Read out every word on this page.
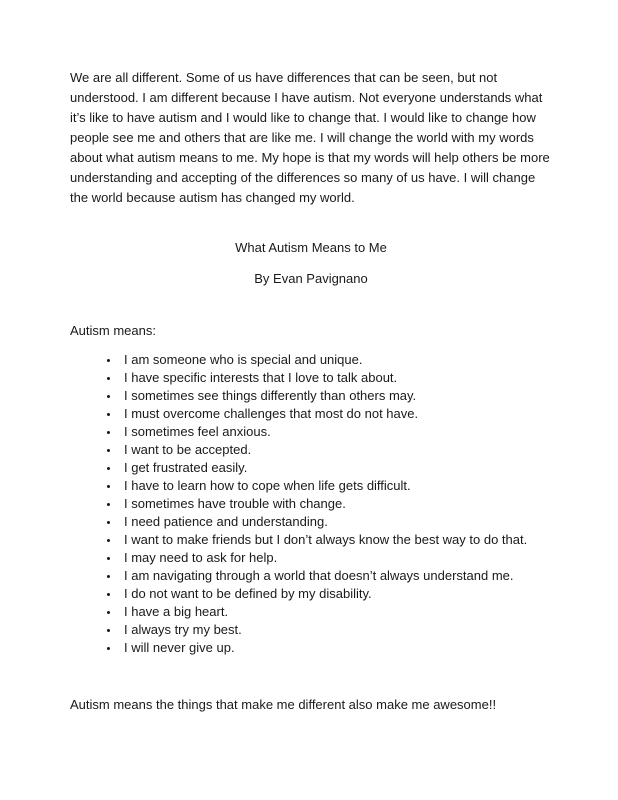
We are all different. Some of us have differences that can be seen, but not understood. I am different because I have autism. Not everyone understands what it’s like to have autism and I would like to change that. I would like to change how people see me and others that are like me. I will change the world with my words about what autism means to me. My hope is that my words will help others be more understanding and accepting of the differences so many of us have. I will change the world because autism has changed my world.

What Autism Means to Me

By Evan Pavignano

Autism means:

• I am someone who is special and unique.
• I have specific interests that I love to talk about.
• I sometimes see things differently than others may.
• I must overcome challenges that most do not have.
• I sometimes feel anxious.
• I want to be accepted.
• I get frustrated easily.
• I have to learn how to cope when life gets difficult.
• I sometimes have trouble with change.
• I need patience and understanding.
• I want to make friends but I don’t always know the best way to do that.
• I may need to ask for help.
• I am navigating through a world that doesn’t always understand me.
• I do not want to be defined by my disability.
• I have a big heart.
• I always try my best.
• I will never give up.

Autism means the things that make me different also make me awesome!!
